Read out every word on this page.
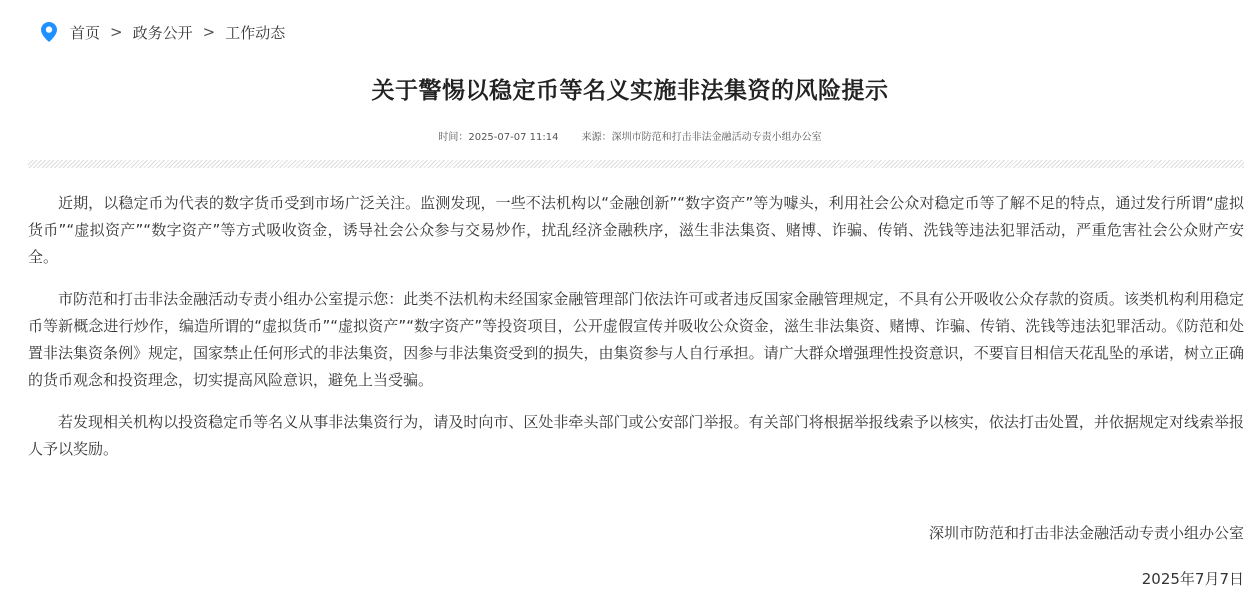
首页 > 政务公开 > 工作动态
关于警惕以稳定币等名义实施非法集资的风险提示
时间：2025-07-07 11:14 来源：深圳市防范和打击非法金融活动专责小组办公室

近期，以稳定币为代表的数字货币受到市场广泛关注。监测发现，一些不法机构以“金融创新”“数字资产”等为噱头，利用社会公众对稳定币等了解不足的特点，通过发行所谓“虚拟货币”“虚拟资产”“数字资产”等方式吸收资金，诱导社会公众参与交易炒作，扰乱经济金融秩序，滋生非法集资、赌博、诈骗、传销、洗钱等违法犯罪活动，严重危害社会公众财产安全。

市防范和打击非法金融活动专责小组办公室提示您：此类不法机构未经国家金融管理部门依法许可或者违反国家金融管理规定，不具有公开吸收公众存款的资质。该类机构利用稳定币等新概念进行炒作，编造所谓的“虚拟货币”“虚拟资产”“数字资产”等投资项目，公开虚假宣传并吸收公众资金，滋生非法集资、赌博、诈骗、传销、洗钱等违法犯罪活动。《防范和处置非法集资条例》规定，国家禁止任何形式的非法集资，因参与非法集资受到的损失，由集资参与人自行承担。请广大群众增强理性投资意识，不要盲目相信天花乱坠的承诺，树立正确的货币观念和投资理念，切实提高风险意识，避免上当受骗。

若发现相关机构以投资稳定币等名义从事非法集资行为，请及时向市、区处非牵头部门或公安部门举报。有关部门将根据举报线索予以核实，依法打击处置，并依据规定对线索举报人予以奖励。

深圳市防范和打击非法金融活动专责小组办公室
2025年7月7日
